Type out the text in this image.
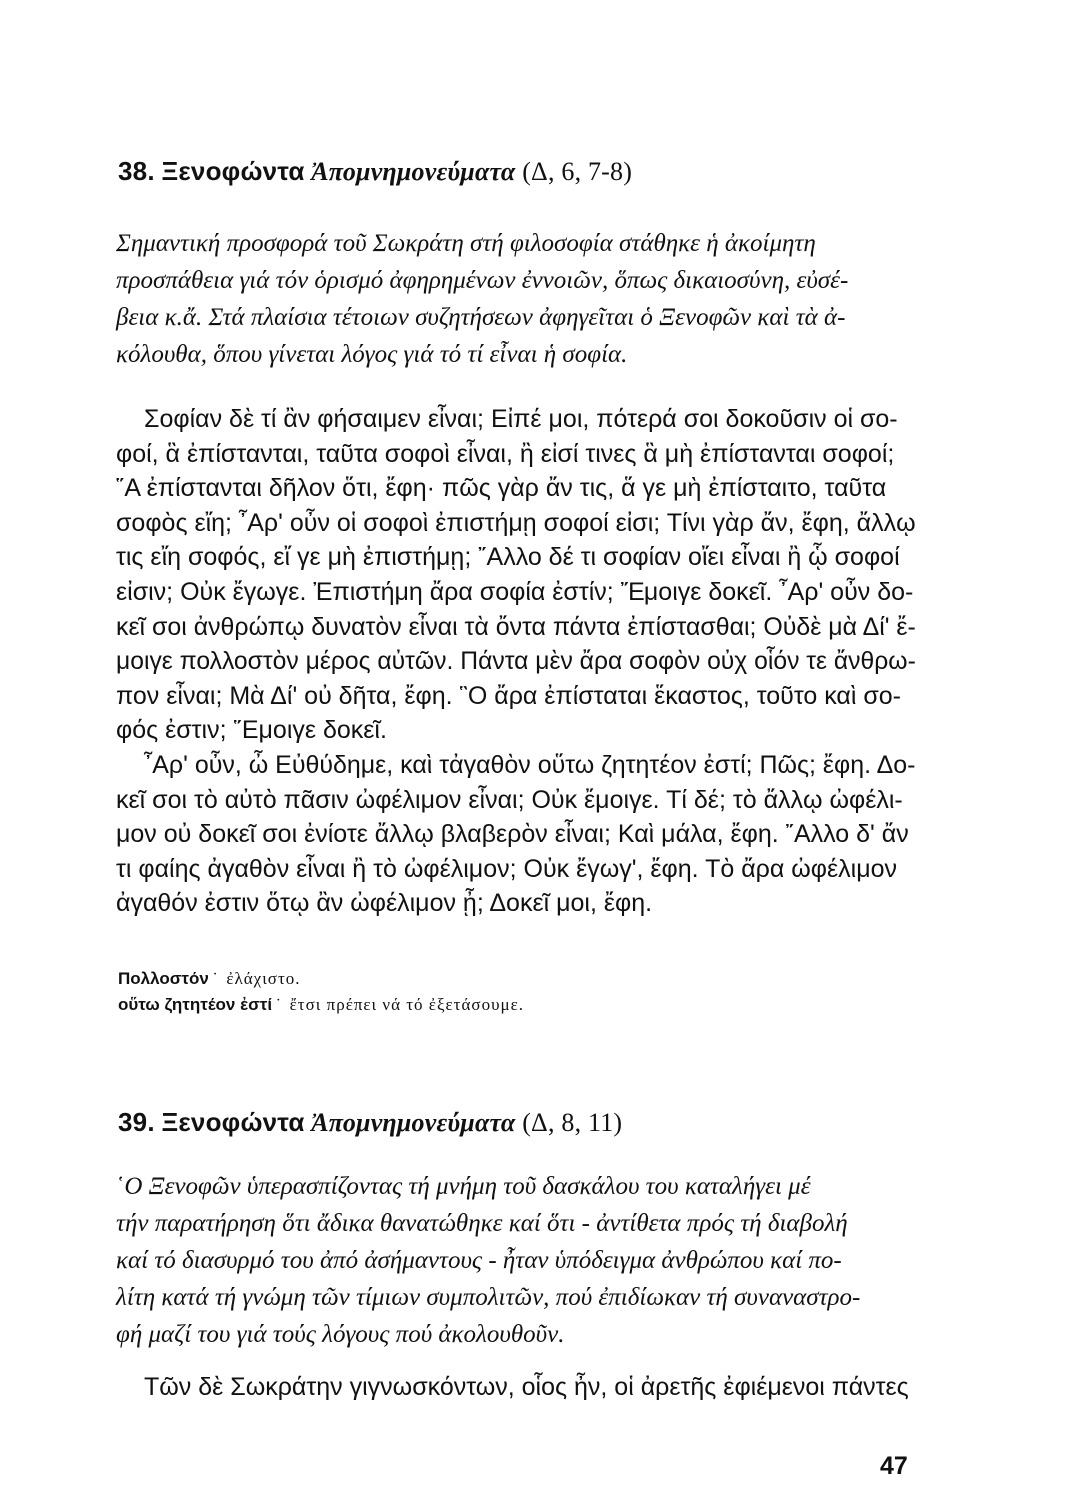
38. Ξενοφώντα Ἀπομνημονεύματα (Δ, 6, 7-8)
Σημαντική προσφορά τοῦ Σωκράτη στή φιλοσοφία στάθηκε ἡ ἀκοίμητη
προσπάθεια γιά τόν ὁρισμό ἀφηρημένων ἐννοιῶν, ὅπως δικαιοσύνη, εὐσέ-
βεια κ.ἄ. Στά πλαίσια τέτοιων συζητήσεων ἀφηγεῖται ὁ Ξενοφῶν καὶ τὰ ἀ-
κόλουθα, ὅπου γίνεται λόγος γιά τό τί εἶναι ἡ σοφία.
Σοφίαν δὲ τί ἂν φήσαιμεν εἶναι; Εἰπέ μοι, πότερά σοι δοκοῦσιν οἱ σο-
φοί, ἃ ἐπίστανται, ταῦτα σοφοὶ εἶναι, ἢ εἰσί τινες ἃ μὴ ἐπίστανται σοφοί;
῞Α ἐπίστανται δῆλον ὅτι, ἔφη· πῶς γὰρ ἄν τις, ἅ γε μὴ ἐπίσταιτο, ταῦτα
σοφὸς εἴη; ῏Αρ' οὖν οἱ σοφοὶ ἐπιστήμῃ σοφοί εἰσι; Τίνι γὰρ ἄν, ἔφη, ἄλλῳ
τις εἴη σοφός, εἴ γε μὴ ἐπιστήμῃ; ῎Αλλο δέ τι σοφίαν οἴει εἶναι ἢ ᾧ σοφοί
εἰσιν; Οὐκ ἔγωγε. Ἐπιστήμη ἄρα σοφία ἐστίν; Ἔμοιγε δοκεῖ. ῏Αρ' οὖν δο-
κεῖ σοι ἀνθρώπῳ δυνατὸν εἶναι τὰ ὄντα πάντα ἐπίστασθαι; Οὐδὲ μὰ Δί' ἔ-
μοιγε πολλοστὸν μέρος αὐτῶν. Πάντα μὲν ἄρα σοφὸν οὐχ οἷόν τε ἄνθρω-
πον εἶναι; Μὰ Δί' οὐ δῆτα, ἔφη. ῝Ο ἄρα ἐπίσταται ἕκαστος, τοῦτο καὶ σο-
φός ἐστιν; ῞Εμοιγε δοκεῖ.
῏Αρ' οὖν, ὦ Εὐθύδημε, καὶ τἀγαθὸν οὕτω ζητητέον ἐστί; Πῶς; ἔφη. Δο-
κεῖ σοι τὸ αὐτὸ πᾶσιν ὠφέλιμον εἶναι; Οὐκ ἔμοιγε. Τί δέ; τὸ ἄλλῳ ὠφέλι-
μον οὐ δοκεῖ σοι ἐνίοτε ἄλλῳ βλαβερὸν εἶναι; Καὶ μάλα, ἔφη. ῎Αλλο δ' ἄν
τι φαίης ἀγαθὸν εἶναι ἢ τὸ ὠφέλιμον; Οὐκ ἔγωγ', ἔφη. Τὸ ἄρα ὠφέλιμον
ἀγαθόν ἐστιν ὅτῳ ἂν ὠφέλιμον ᾖ; Δοκεῖ μοι, ἔφη.
Πολλοστόν ˙ ἐλάχιστο.
οὕτω ζητητέον ἐστί ˙ ἔτσι πρέπει νά τό ἐξετάσουμε.
39. Ξενοφώντα Ἀπομνημονεύματα (Δ, 8, 11)
῾Ο Ξενοφῶν ὑπερασπίζοντας τή μνήμη τοῦ δασκάλου του καταλήγει μέ
τήν παρατήρηση ὅτι ἄδικα θανατώθηκε καί ὅτι - ἀντίθετα πρός τή διαβολή
καί τό διασυρμό του ἀπό ἀσήμαντους - ἦταν ὑπόδειγμα ἀνθρώπου καί πο-
λίτη κατά τή γνώμη τῶν τίμιων συμπολιτῶν, πού ἐπιδίωκαν τή συναναστρο-
φή μαζί του γιά τούς λόγους πού ἀκολουθοῦν.
Τῶν δὲ Σωκράτην γιγνωσκόντων, οἷος ἦν, οἱ ἀρετῆς ἐφιέμενοι πάντες
47
